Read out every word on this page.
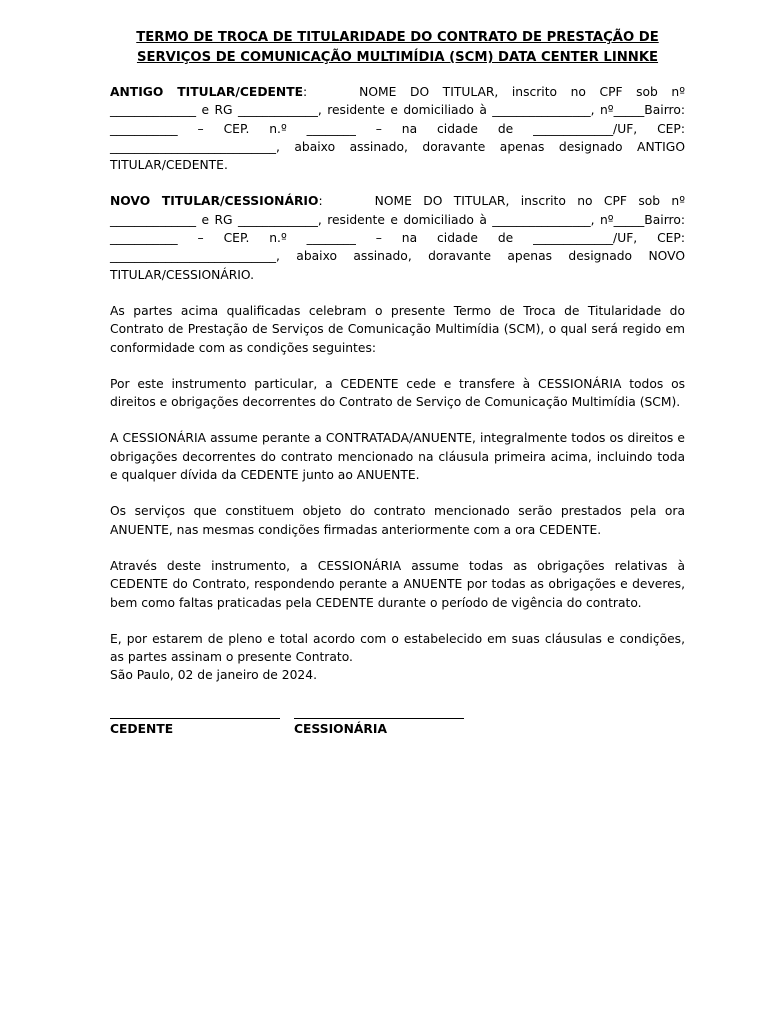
TERMO DE TROCA DE TITULARIDADE DO CONTRATO DE PRESTAÇÃO DE
SERVIÇOS DE COMUNICAÇÃO MULTIMÍDIA (SCM) DATA CENTER LINNKE

ANTIGO TITULAR/CEDENTE:	NOME DO TITULAR, inscrito no CPF sob nº ______________ e RG _____________, residente e domiciliado à ________________, nº_____Bairro: ___________ – CEP. n.º ________ – na cidade de _____________/UF, CEP: ___________________________, abaixo assinado, doravante apenas designado ANTIGO TITULAR/CEDENTE.

NOVO TITULAR/CESSIONÁRIO:	NOME DO TITULAR, inscrito no CPF sob nº ______________ e RG _____________, residente e domiciliado à ________________, nº_____Bairro: ___________ – CEP. n.º ________ – na cidade de _____________/UF, CEP: ___________________________, abaixo assinado, doravante apenas designado NOVO TITULAR/CESSIONÁRIO.

As partes acima qualificadas celebram o presente Termo de Troca de Titularidade do Contrato de Prestação de Serviços de Comunicação Multimídia (SCM), o qual será regido em conformidade com as condições seguintes:

Por este instrumento particular, a CEDENTE cede e transfere à CESSIONÁRIA todos os direitos e obrigações decorrentes do Contrato de Serviço de Comunicação Multimídia (SCM).

A CESSIONÁRIA assume perante a CONTRATADA/ANUENTE, integralmente todos os direitos e obrigações decorrentes do contrato mencionado na cláusula primeira acima, incluindo toda e qualquer dívida da CEDENTE junto ao ANUENTE.

Os serviços que constituem objeto do contrato mencionado serão prestados pela ora ANUENTE, nas mesmas condições firmadas anteriormente com a ora CEDENTE.

Através deste instrumento, a CESSIONÁRIA assume todas as obrigações relativas à CEDENTE do Contrato, respondendo perante a ANUENTE por todas as obrigações e deveres, bem como faltas praticadas pela CEDENTE durante o período de vigência do contrato.

E, por estarem de pleno e total acordo com o estabelecido em suas cláusulas e condições, as partes assinam o presente Contrato.

São Paulo, 02 de janeiro de 2024.

CEDENTE	CESSIONÁRIA
